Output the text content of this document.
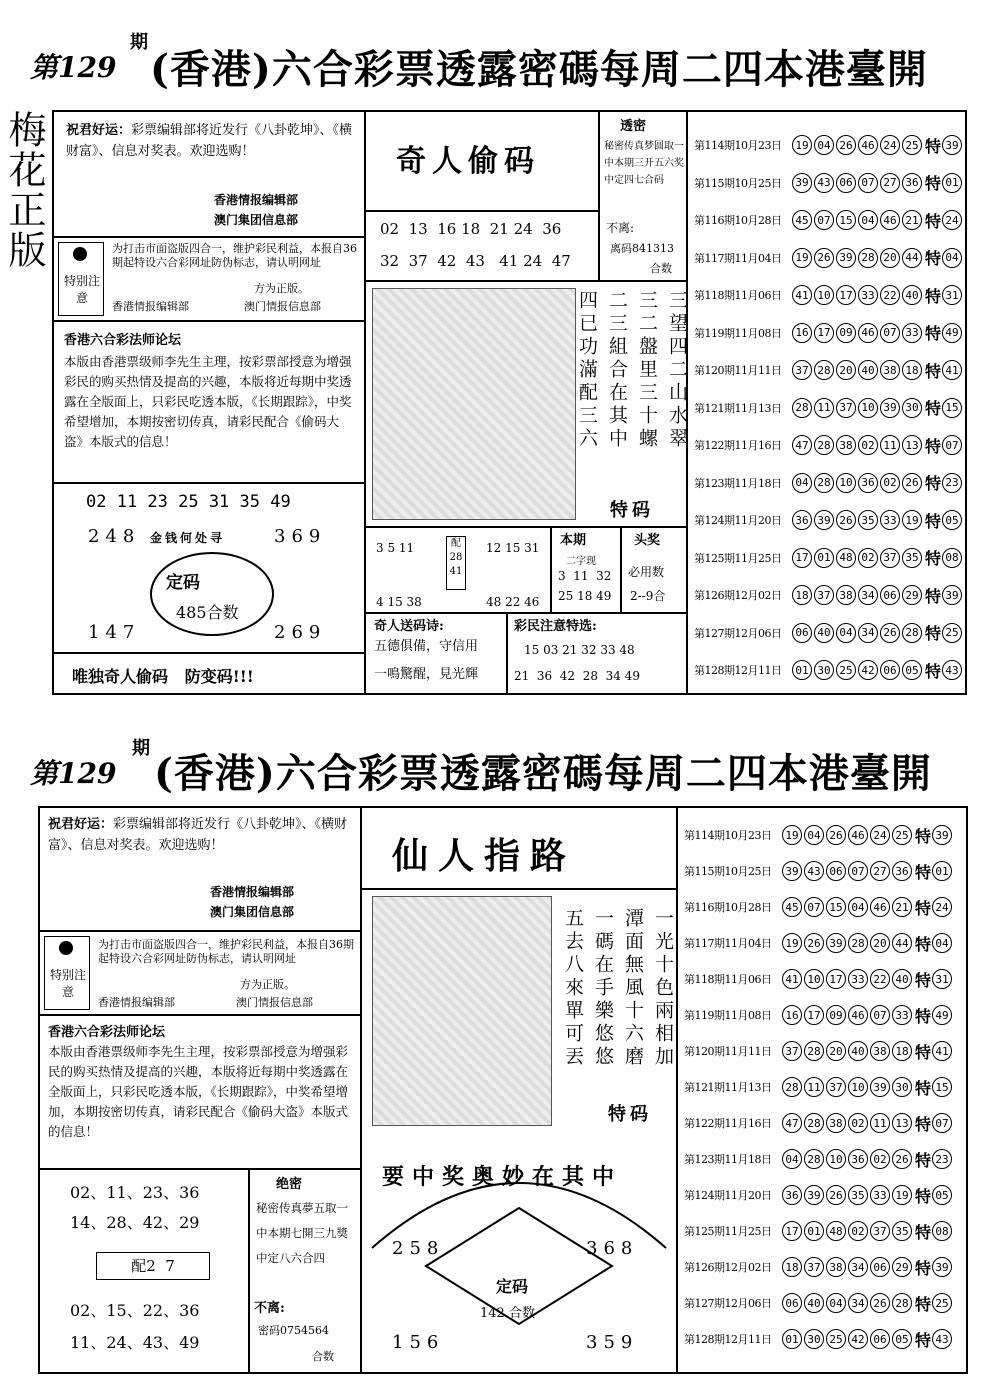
第129
期
(香港)六合彩票透露密碼每周二四本港臺開
梅花正版 祝君好运：彩票编辑部将近发行《八卦乾坤》、《横财富》、信息对奖表。欢迎选购！
香港情报编辑部
澳门集团信息部
特别注意
为打击市面盗版四合一，维护彩民利益，本报自36期起特设六合彩网址防伪标志，请认明网址
方为正版。
香港情报编辑部	澳门情报信息部
香港六合彩法师论坛
本版由香港票级师李先生主理，按彩票部授意为增强彩民的购买热情及提高的兴趣，本版将近每期中奖透露在全版面上，只彩民吃透本版，《长期跟踪》，中奖希望增加，本期按密切传真，请彩民配合《偷码大盗》本版式的信息！
02 11 23 25 31 35 49
定码
485合数
金钱何处寻
248	369
147	269
唯独奇人偷码   防变码!!!
奇人偷码
02  13  16 18  21 24  36
32  37  42  43   41 24  47
三望四二山水翠
三二盤里三十螺
二三組合在其中
四已功滿配三六
特码
3 5 11	配
28
41
12 15 31
4 15 38	48 22 46
本期
二字现
3  11  32
25 18 49
头奖
必用数
2--9合
奇人送码诗:
五德俱備，守信用
一鳴驚醒，見光輝
彩民注意特选:
15 03 21 32 33 48
21  36  42  28  34 49
透密
秘密传真梦圆取一中本期三开五六奖中定四七合码
不离:
离码841313
合数
第114期10月23日	19 04 26 46 24 25 特 39
第115期10月25日	39 43 06 07 27 36 特 01
第116期10月28日	45 07 15 04 46 21 特 24
第117期11月04日	19 26 39 28 20 44 特 04
第118期11月06日	41 10 17 33 22 40 特 31
第119期11月08日	16 17 09 46 07 33 特 49
第120期11月11日	37 28 20 40 38 18 特 41
第121期11月13日	28 11 37 10 39 30 特 15
第122期11月16日	47 28 38 02 11 13 特 07
第123期11月18日	04 28 10 36 02 26 特 23
第124期11月20日	36 39 26 35 33 19 特 05
第125期11月25日	17 01 48 02 37 35 特 08
第126期12月02日	18 37 38 34 06 29 特 39
第127期12月06日	06 40 04 34 26 28 特 25
第128期12月11日	01 30 25 42 06 05 特 43
第129
期
(香港)六合彩票透露密碼每周二四本港臺開
祝君好运：彩票编辑部将近发行《八卦乾坤》、《横财富》、信息对奖表。欢迎选购！
香港情报编辑部
澳门集团信息部
特别注意
为打击市面盗版四合一，维护彩民利益，本报自36期起特设六合彩网址防伪标志，请认明网址
方为正版。
香港情报编辑部	澳门情报信息部
香港六合彩法师论坛
本版由香港票级师李先生主理，按彩票部授意为增强彩民的购买热情及提高的兴趣，本版将近每期中奖透露在全版面上，只彩民吃透本版，《长期跟踪》，中奖希望增加，本期按密切传真，请彩民配合《偷码大盗》本版式的信息！
02、11、23、36
14、28、42、29
配2  7
02、15、22、36
11、24、43、49
绝密
秘密传真夢五取一中本期七開三九獎中定八六合四
不离:
密码0754564
合数
仙人指路
一光十色兩相加
潭面無風十六磨
一碼在手樂悠悠
五去八來單可丟
特码
要中奖奥妙在其中
258	368
156	359
定码
142 合数
第114期10月23日	19 04 26 46 24 25 特 39
第115期10月25日	39 43 06 07 27 36 特 01
第116期10月28日	45 07 15 04 46 21 特 24
第117期11月04日	19 26 39 28 20 44 特 04
第118期11月06日	41 10 17 33 22 40 特 31
第119期11月08日	16 17 09 46 07 33 特 49
第120期11月11日	37 28 20 40 38 18 特 41
第121期11月13日	28 11 37 10 39 30 特 15
第122期11月16日	47 28 38 02 11 13 特 07
第123期11月18日	04 28 10 36 02 26 特 23
第124期11月20日	36 39 26 35 33 19 特 05
第125期11月25日	17 01 48 02 37 35 特 08
第126期12月02日	18 37 38 34 06 29 特 39
第127期12月06日	06 40 04 34 26 28 特 25
第128期12月11日	01 30 25 42 06 05 特 43
